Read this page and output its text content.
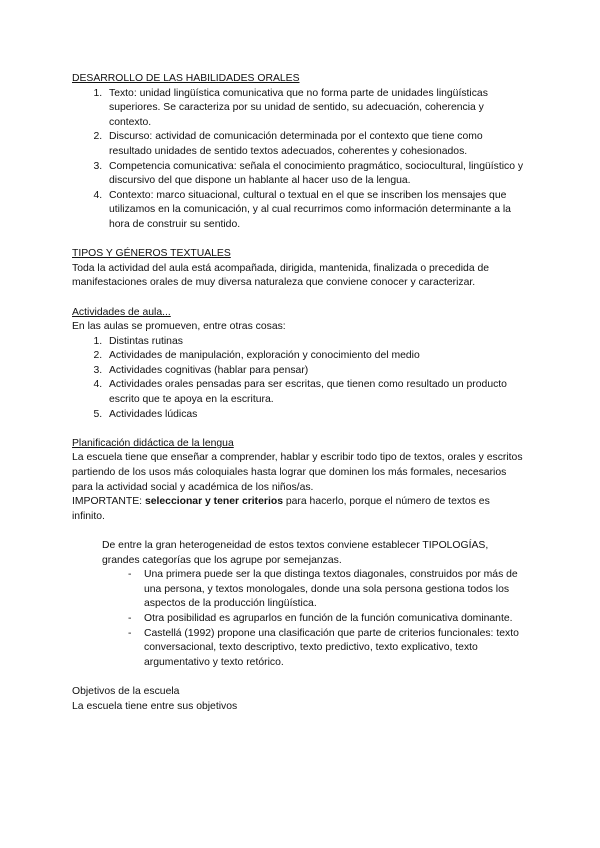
DESARROLLO DE LAS HABILIDADES ORALES
1. Texto: unidad lingüística comunicativa que no forma parte de unidades lingüísticas superiores. Se caracteriza por su unidad de sentido, su adecuación, coherencia y contexto.
2. Discurso: actividad de comunicación determinada por el contexto que tiene como resultado unidades de sentido textos adecuados, coherentes y cohesionados.
3. Competencia comunicativa: señala el conocimiento pragmático, sociocultural, lingüístico y discursivo del que dispone un hablante al hacer uso de la lengua.
4. Contexto: marco situacional, cultural o textual en el que se inscriben los mensajes que utilizamos en la comunicación, y al cual recurrimos como información determinante a la hora de construir su sentido.
TIPOS Y GÉNEROS TEXTUALES
Toda la actividad del aula está acompañada, dirigida, mantenida, finalizada o precedida de manifestaciones orales de muy diversa naturaleza que conviene conocer y caracterizar.
Actividades de aula...
En las aulas se promueven, entre otras cosas:
1. Distintas rutinas
2. Actividades de manipulación, exploración y conocimiento del medio
3. Actividades cognitivas (hablar para pensar)
4. Actividades orales pensadas para ser escritas, que tienen como resultado un producto escrito que te apoya en la escritura.
5. Actividades lúdicas
Planificación didáctica de la lengua
La escuela tiene que enseñar a comprender, hablar y escribir todo tipo de textos, orales y escritos partiendo de los usos más coloquiales hasta lograr que dominen los más formales, necesarios para la actividad social y académica de los niños/as.
IMPORTANTE: seleccionar y tener criterios para hacerlo, porque el número de textos es infinito.
De entre la gran heterogeneidad de estos textos conviene establecer TIPOLOGÍAS, grandes categorías que los agrupe por semejanzas.
- Una primera puede ser la que distinga textos diagonales, construidos por más de una persona, y textos monologales, donde una sola persona gestiona todos los aspectos de la producción lingüística.
- Otra posibilidad es agruparlos en función de la función comunicativa dominante.
- Castellá (1992) propone una clasificación que parte de criterios funcionales: texto conversacional, texto descriptivo, texto predictivo, texto explicativo, texto argumentativo y texto retórico.
Objetivos de la escuela
La escuela tiene entre sus objetivos
